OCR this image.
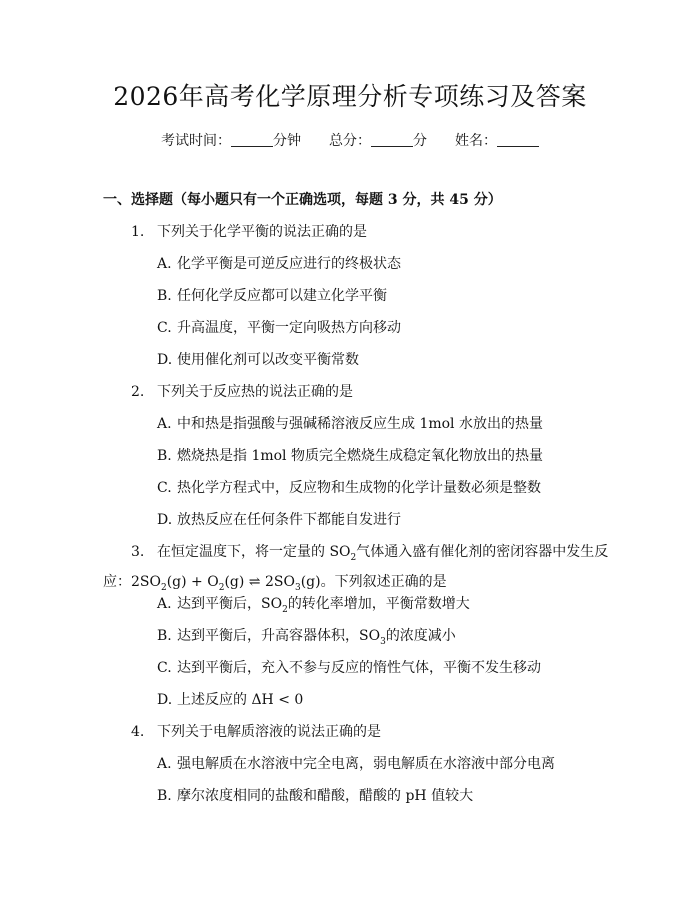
2026年高考化学原理分析专项练习及答案
考试时间：	分钟 总分：	分 姓名：
一、选择题（每小题只有一个正确选项，每题 3 分，共 45 分）
1. 下列关于化学平衡的说法正确的是
A. 化学平衡是可逆反应进行的终极状态
B. 任何化学反应都可以建立化学平衡
C. 升高温度，平衡一定向吸热方向移动
D. 使用催化剂可以改变平衡常数
2. 下列关于反应热的说法正确的是
A. 中和热是指强酸与强碱稀溶液反应生成 1mol 水放出的热量
B. 燃烧热是指 1mol 物质完全燃烧生成稳定氧化物放出的热量
C. 热化学方程式中，反应物和生成物的化学计量数必须是整数
D. 放热反应在任何条件下都能自发进行
3. 在恒定温度下，将一定量的 $SO_2$气体通入盛有催化剂的密闭容器中发生反
应：$2SO_2(g) + O_2(g)$ ⇌ $2SO_3(g)$。下列叙述正确的是
A. 达到平衡后，$SO_2$的转化率增加，平衡常数增大
B. 达到平衡后，升高容器体积，$SO_3$的浓度减小
C. 达到平衡后，充入不参与反应的惰性气体，平衡不发生移动
D. 上述反应的 ΔH < 0
4. 下列关于电解质溶液的说法正确的是
A. 强电解质在水溶液中完全电离，弱电解质在水溶液中部分电离
B. 摩尔浓度相同的盐酸和醋酸，醋酸的 pH 值较大
